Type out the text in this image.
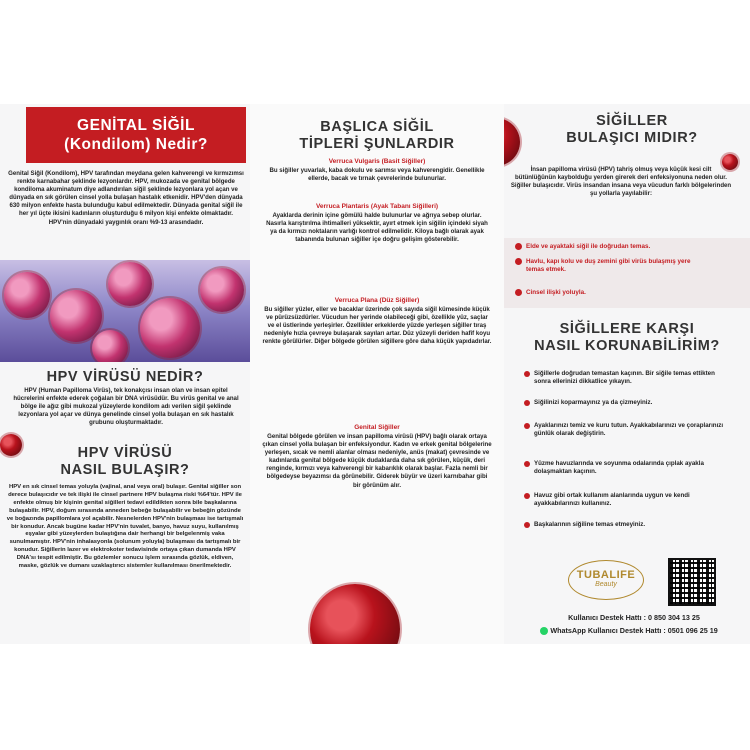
GENİTAL SİĞİL
(Kondilom) Nedir?
Genital Siğil (Kondilom), HPV tarafından meydana gelen kahverengi ve kırmızımsı renkte karnabahar şeklinde lezyonlardır. HPV, mukozada ve genital bölgede kondiloma akuminatum diye adlandırılan siğil şeklinde lezyonlara yol açan ve dünyada en sık görülen cinsel yolla bulaşan hastalık etkenidir. HPV'den dünyada 630 milyon enfekte hasta bulunduğu kabul edilmektedir. Dünyada genital siğil ile her yıl üçte ikisini kadınların oluşturduğu 6 milyon kişi enfekte olmaktadır. HPV'nin dünyadaki yaygınlık oranı %9-13 arasındadır.
HPV VİRÜSÜ NEDİR?
HPV (Human Papilloma Virüs), tek konakçısı insan olan ve insan epitel hücrelerini enfekte ederek çoğalan bir DNA virüsüdür. Bu virüs genital ve anal bölge ile ağız gibi mukozal yüzeylerde kondilom adı verilen siğil şeklinde lezyonlara yol açar ve dünya genelinde cinsel yolla bulaşan en sık hastalık grubunu oluşturmaktadır.
HPV VİRÜSÜ
NASIL BULAŞIR?
HPV en sık cinsel temas yoluyla (vajinal, anal veya oral) bulaşır. Genital siğiller son derece bulaşıcıdır ve tek ilişki ile cinsel partnere HPV bulaşma riski %64'tür. HPV ile enfekte olmuş bir kişinin genital siğilleri tedavi edildikten sonra bile başkalarına bulaşabilir. HPV, doğum sırasında anneden bebeğe bulaşabilir ve bebeğin gözünde ve boğazında papillomlara yol açabilir. Nesnelerden HPV'nin bulaşması ise tartışmalı bir konudur. Ancak bugüne kadar HPV'nin tuvalet, banyo, havuz suyu, kullanılmış eşyalar gibi yüzeylerden bulaştığına dair herhangi bir belgelenmiş vaka sunulmamıştır. HPV'nin inhalasyonla (solunum yoluyla) bulaşması da tartışmalı bir konudur. Siğillerin lazer ve elektrokoter tedavisinde ortaya çıkan dumanda HPV DNA'sı tespit edilmiştir. Bu gözlemler sonucu işlem sırasında gözlük, eldiven, maske, gözlük ve dumanı uzaklaştırıcı sistemler kullanılması önerilmektedir.
BAŞLICA SİĞİL
TİPLERİ ŞUNLARDIR
Verruca Vulgaris (Basit Siğiller)
Bu siğiller yuvarlak, kaba dokulu ve sarımsı veya kahverengidir. Genellikle ellerde, bacak ve tırnak çevrelerinde bulunurlar.
Verruca Plantaris (Ayak Tabanı Siğilleri)
Ayaklarda derinin içine gömülü halde bulunurlar ve ağrıya sebep olurlar. Nasırla karıştırılma ihtimalleri yüksektir, ayırt etmek için siğilin içindeki siyah ya da kırmızı noktaların varlığı kontrol edilmelidir. Kiloya bağlı olarak ayak tabanında bulunan siğiller içe doğru gelişim gösterebilir.
Verruca Plana (Düz Siğiller)
Bu siğiller yüzler, eller ve bacaklar üzerinde çok sayıda siğil kümesinde küçük ve pürüzsüzdürler. Vücudun her yerinde olabileceği gibi, özellikle yüz, saçlar ve el üstlerinde yerleşirler. Özellikler erkeklerde yüzde yerleşen siğiller tıraş nedeniyle hızla çevreye bulaşarak sayıları artar. Düz yüzeyli deriden hafif koyu renkte görülürler. Diğer bölgede görülen siğillere göre daha küçük yapıdadırlar.
Genital Siğiller
Genital bölgede görülen ve insan papilloma virüsü (HPV) bağlı olarak ortaya çıkan cinsel yolla bulaşan bir enfeksiyondur. Kadın ve erkek genital bölgelerine yerleşen, sıcak ve nemli alanlar olması nedeniyle, anüs (makat) çevresinde ve kadınlarda genital bölgede küçük dudaklarda daha sık görülen, küçük, deri renginde, kırmızı veya kahverengi bir kabarıklık olarak başlar. Fazla nemli bir bölgedeyse beyazımsı da görünebilir. Giderek büyür ve üzeri karnıbahar gibi bir görünüm alır.
SİĞİLLER
BULAŞICI MIDIR?
İnsan papilloma virüsü (HPV) tahriş olmuş veya küçük kesi cilt bütünlüğünün kaybolduğu yerden girerek deri enfeksiyonuna neden olur. Siğiller bulaşıcıdır. Virüs insandan insana veya vücudun farklı bölgelerinden şu yollarla yayılabilir:
Elde ve ayaktaki siğil ile doğrudan temas.
Havlu, kapı kolu ve duş zemini gibi virüs bulaşmış yere temas etmek.
Cinsel ilişki yoluyla.
SİĞİLLERE KARŞI
NASIL KORUNABİLİRİM?
Siğillerle doğrudan temastan kaçının. Bir siğile temas ettikten sonra ellerinizi dikkatlice yıkayın.
Siğilinizi koparmayınız ya da çizmeyiniz.
Ayaklarınızı temiz ve kuru tutun. Ayakkabılarınızı ve çoraplarınızı günlük olarak değiştirin.
Yüzme havuzlarında ve soyunma odalarında çıplak ayakla dolaşmaktan kaçının.
Havuz gibi ortak kullanım alanlarında uygun ve kendi ayakkabılarınızı kullanınız.
Başkalarının siğiline temas etmeyiniz.
TUBALIFE
Beauty
Kullanıcı Destek Hattı : 0 850 304 13 25
WhatsApp Kullanıcı Destek Hattı : 0501 096 25 19
